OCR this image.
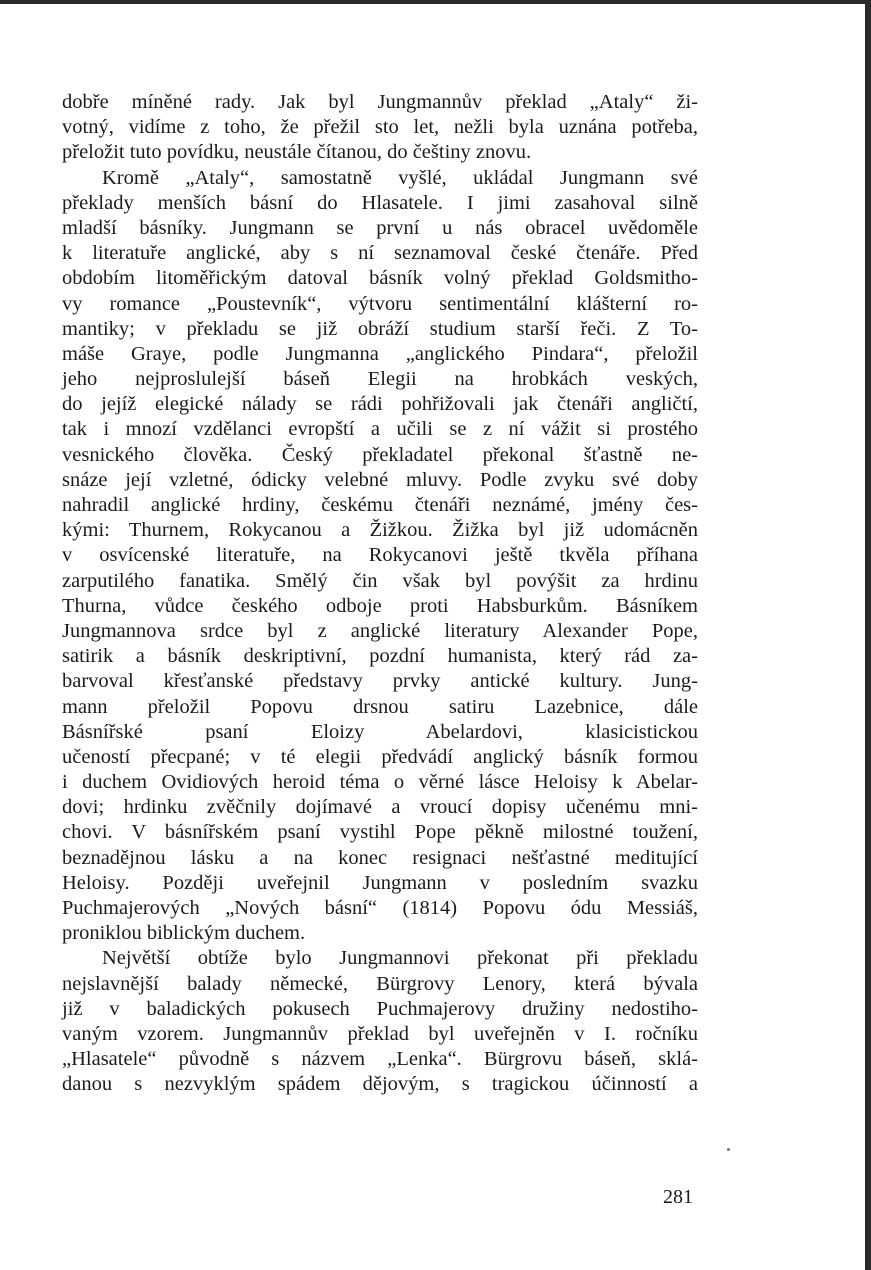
dobře míněné rady. Jak byl Jungmannův překlad „Ataly“ ži-
votný, vidíme z toho, že přežil sto let, nežli byla uznána potřeba,
přeložit tuto povídku, neustále čítanou, do češtiny znovu.
Kromě „Ataly“, samostatně vyšlé, ukládal Jungmann své
překlady menších básní do Hlasatele. I jimi zasahoval silně
mladší básníky. Jungmann se první u nás obracel uvědoměle
k literatuře anglické, aby s ní seznamoval české čtenáře. Před
obdobím litoměřickým datoval básník volný překlad Goldsmitho-
vy romance „Poustevník“, výtvoru sentimentální klášterní ro-
mantiky; v překladu se již obráží studium starší řeči. Z To-
máše Graye, podle Jungmanna „anglického Pindara“, přeložil
jeho nejproslulejší báseň Elegii na hrobkách veských,
do jejíž elegické nálady se rádi pohřižovali jak čtenáři angličtí,
tak i mnozí vzdělanci evropští a učili se z ní vážit si prostého
vesnického člověka. Český překladatel překonal šťastně ne-
snáze její vzletné, ódicky velebné mluvy. Podle zvyku své doby
nahradil anglické hrdiny, českému čtenáři neznámé, jmény čes-
kými: Thurnem, Rokycanou a Žižkou. Žižka byl již udomácněn
v osvícenské literatuře, na Rokycanovi ještě tkvěla příhana
zarputilého fanatika. Smělý čin však byl povýšit za hrdinu
Thurna, vůdce českého odboje proti Habsburkům. Básníkem
Jungmannova srdce byl z anglické literatury Alexander Pope,
satirik a básník deskriptivní, pozdní humanista, který rád za-
barvoval křesťanské představy prvky antické kultury. Jung-
mann přeložil Popovu drsnou satiru Lazebnice, dále
Básnířské psaní Eloizy Abelardovi, klasicistickou
učeností přecpané; v té elegii předvádí anglický básník formou
i duchem Ovidiových heroid téma o věrné lásce Heloisy k Abelar-
dovi; hrdinku zvěčnily dojímavé a vroucí dopisy učenému mni-
chovi. V básnířském psaní vystihl Pope pěkně milostné toužení,
beznadějnou lásku a na konec resignaci nešťastné meditující
Heloisy. Později uveřejnil Jungmann v posledním svazku
Puchmajerových „Nových básní“ (1814) Popovu ódu Messiáš,
proniklou biblickým duchem.
Největší obtíže bylo Jungmannovi překonat při překladu
nejslavnější balady německé, Bürgrovy Lenory, která bývala
již v baladických pokusech Puchmajerovy družiny nedostiho-
vaným vzorem. Jungmannův překlad byl uveřejněn v I. ročníku
„Hlasatele“ původně s názvem „Lenka“. Bürgrovu báseň, sklá-
danou s nezvyklým spádem dějovým, s tragickou účinností a
281
